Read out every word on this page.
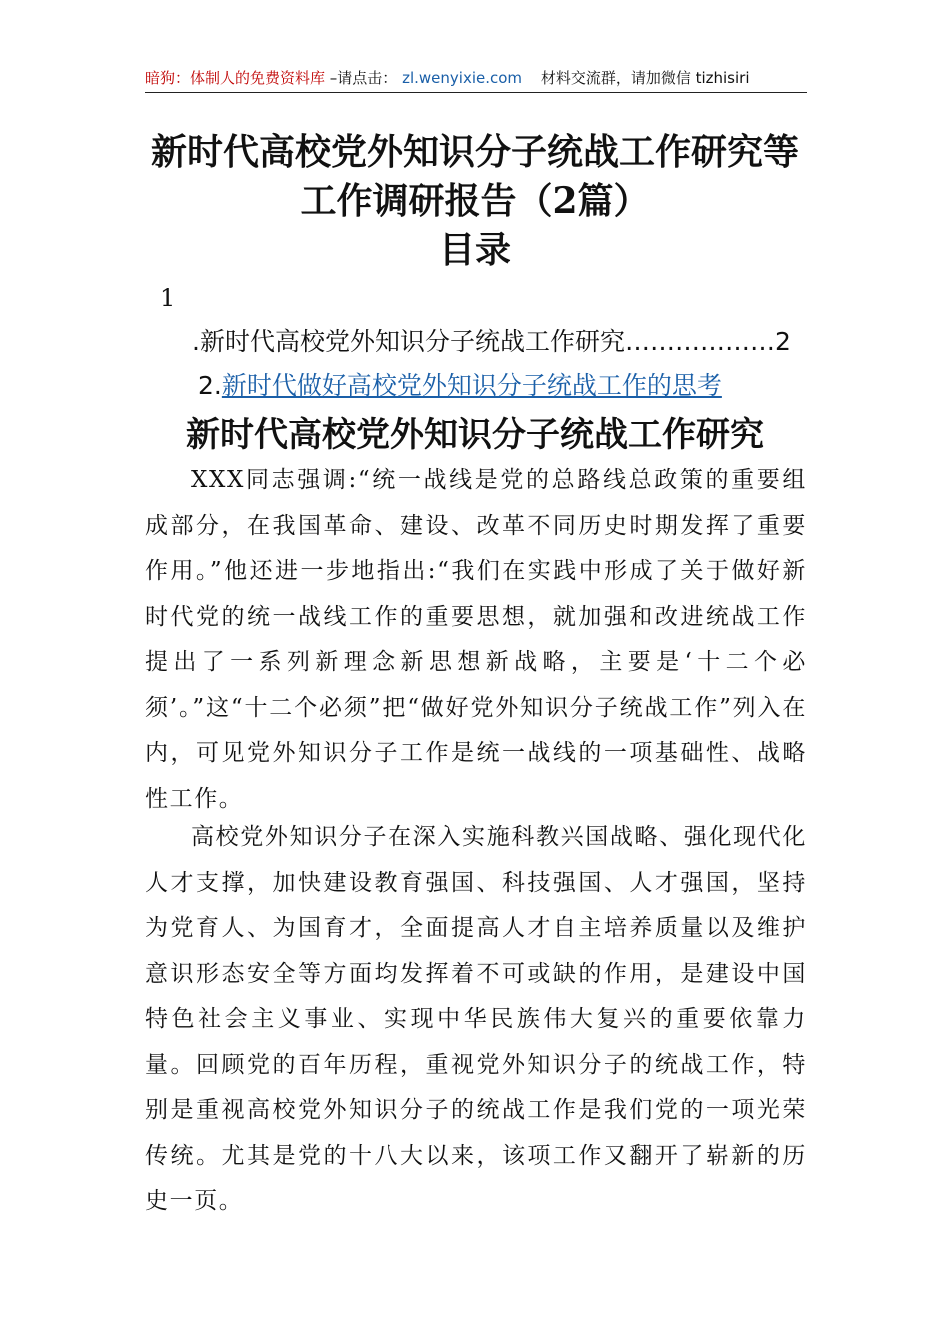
暗狗：体制人的免费资料库 –请点击： zl.wenyixie.com 材料交流群，请加微信 tizhisiri
新时代高校党外知识分子统战工作研究等
工作调研报告（2篇）
目录
1
.新时代高校党外知识分子统战工作研究………………2
2.新时代做好高校党外知识分子统战工作的思考
新时代高校党外知识分子统战工作研究

XXX同志强调:“统一战线是党的总路线总政策的重要组成部分，在我国革命、建设、改革不同历史时期发挥了重要作用。”他还进一步地指出:“我们在实践中形成了关于做好新时代党的统一战线工作的重要思想，就加强和改进统战工作提出了一系列新理念新思想新战略，主要是‘十二个必须’。”这“十二个必须”把“做好党外知识分子统战工作”列入在内，可见党外知识分子工作是统一战线的一项基础性、战略性工作。

高校党外知识分子在深入实施科教兴国战略、强化现代化人才支撑，加快建设教育强国、科技强国、人才强国，坚持为党育人、为国育才，全面提高人才自主培养质量以及维护意识形态安全等方面均发挥着不可或缺的作用，是建设中国特色社会主义事业、实现中华民族伟大复兴的重要依靠力量。回顾党的百年历程，重视党外知识分子的统战工作，特别是重视高校党外知识分子的统战工作是我们党的一项光荣传统。尤其是党的十八大以来，该项工作又翻开了崭新的历史一页。
